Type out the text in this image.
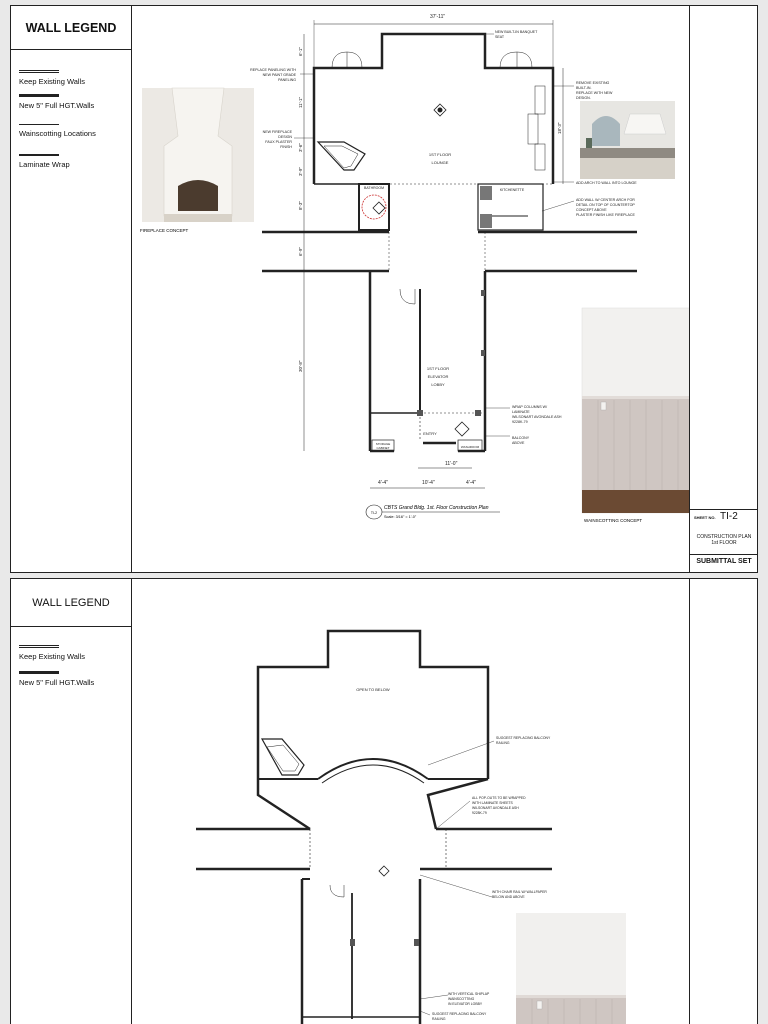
WALL LEGEND
Keep Existing Walls
New 5" Full HGT.Walls
Wainscotting Locations
Laminate Wrap
37'-11"
6'-1"
11'-1"
3'-6"
3'-9"
8'-3"
6'-9"
30'-8"
18'-3"
4'-4"	10'-4"	4'-4"
11'-0"
1ST FLOOR
LOUNGE
BATHROOM	KITCHENETTE
1ST FLOOR
ELEVATOR
LOBBY
ENTRY
STORAGE
CABINET	WASHROOM
NEW BUILT-IN BANQUET
SEAT
REPLACE PANELING WITH
NEW PAINT GRADE
PANELING
NEW FIREPLACE
DESIGN
FAUX PLASTER
FINISH
REMOVE EXISTING
BUILT-IN.
REPLACE WITH NEW
DESIGN.
ADD ARCH TO WALL INTO LOUNGE
ADD WALL W/ CENTER ARCH FOR
DETAIL ON TOP OF COUNTERTOP
CONCEPT ABOVE
PLASTER FINISH LIKE FIREPLACE
WRAP COLUMNS W/
LAMINATE
WILSONART AVONDALE ASH
9228K-79
BALCONY
ABOVE
TI-2
CBTS Grand Bldg. 1st. Floor Construction Plan
Scale: 3/16" = 1'-0"
FIREPLACE CONCEPT
WAINSCOTTING CONCEPT
SHEET NO. TI-2
CONSTRUCTION PLAN
1st FLOOR
SUBMITTAL SET
WALL LEGEND
Keep Existing Walls
New 5" Full HGT.Walls
OPEN TO BELOW
SUGGEST REPLACING BALCONY
RAILING
ALL POP-OUTS TO BE WRAPPED
WITH LAMINATE SHEETS
WILSONART AVONDALE ASH
9228K-79
WITH CHAIR RAIL W/ WALLPAPER
BELOW AND ABOVE
WITH VERTICAL SHIPLAP
WAINSCOTTING
IN ELEVATOR LOBBY
SUGGEST REPLACING BALCONY
RAILING
